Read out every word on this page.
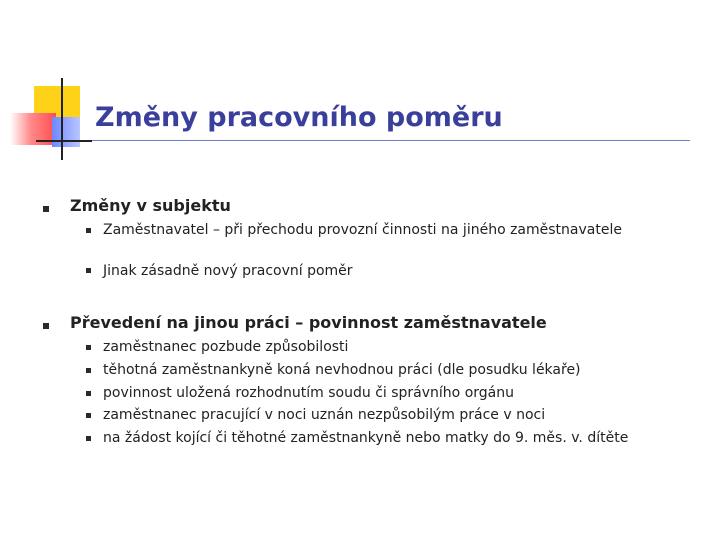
Změny pracovního poměru
Změny v subjektu
Zaměstnavatel – při přechodu provozní činnosti na jiného zaměstnavatele
Jinak zásadně nový pracovní poměr
Převedení na jinou práci – povinnost zaměstnavatele
zaměstnanec pozbude způsobilosti
těhotná zaměstnankyně koná nevhodnou práci (dle posudku lékaře)
povinnost uložená rozhodnutím soudu či správního orgánu
zaměstnanec pracující v noci uznán nezpůsobilým práce v noci
na žádost kojící či těhotné zaměstnankyně nebo matky do 9. měs. v. dítěte
